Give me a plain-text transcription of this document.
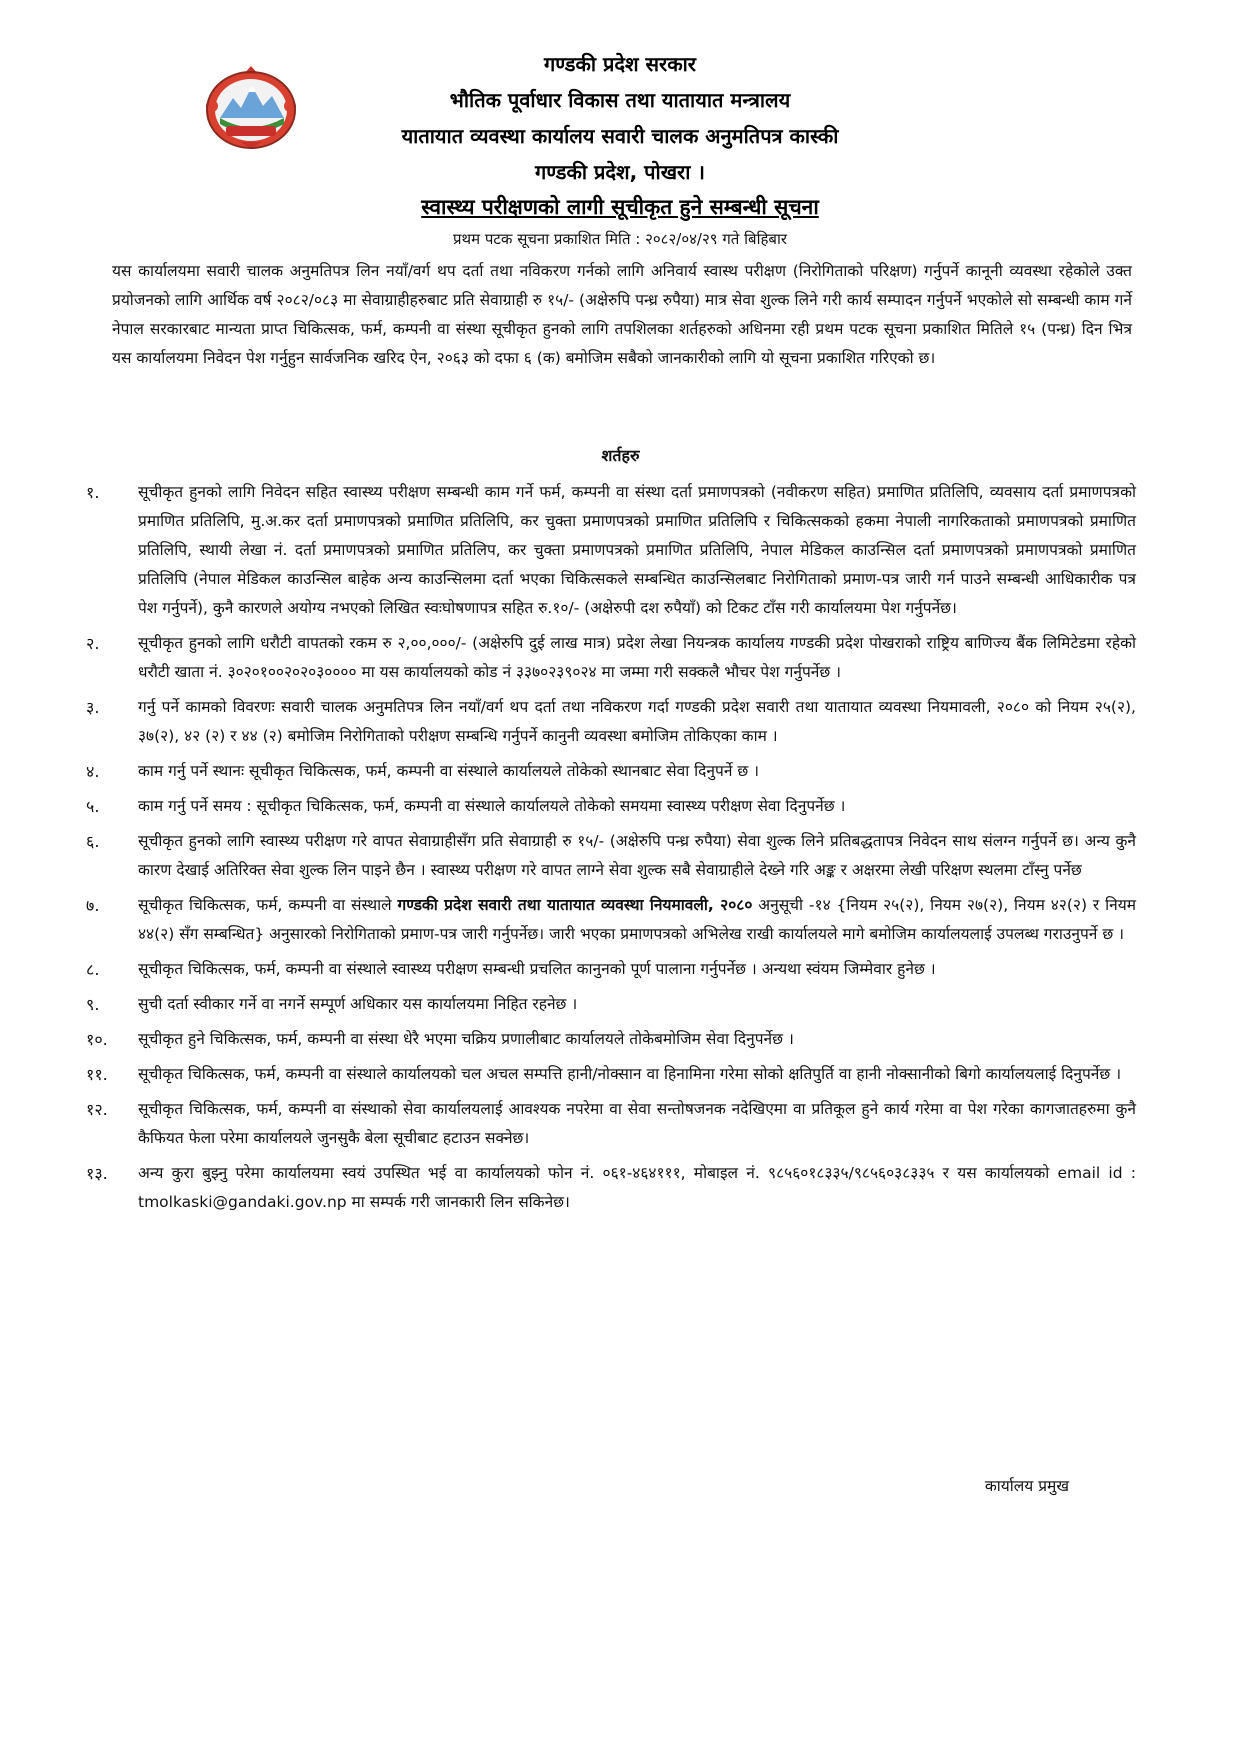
गण्डकी प्रदेश सरकार
भौतिक पूर्वाधार विकास तथा यातायात मन्त्रालय
यातायात व्यवस्था कार्यालय सवारी चालक अनुमतिपत्र कास्की
गण्डकी प्रदेश, पोखरा ।
स्वास्थ्य परीक्षणको लागी सूचीकृत हुने सम्बन्धी सूचना
प्रथम पटक सूचना प्रकाशित मिति : २०८२/०४/२९ गते बिहिबार
यस कार्यालयमा सवारी चालक अनुमतिपत्र लिन नयाँ/वर्ग थप दर्ता तथा नविकरण गर्नको लागि अनिवार्य स्वास्थ परीक्षण (निरोगिताको परिक्षण) गर्नुपर्ने कानूनी व्यवस्था रहेकोले उक्त प्रयोजनको लागि आर्थिक वर्ष २०८२/०८३ मा सेवाग्राहीहरुबाट प्रति सेवाग्राही रु १५/- (अक्षेरुपि पन्ध्र रुपैया) मात्र सेवा शुल्क लिने गरी कार्य सम्पादन गर्नुपर्ने भएकोले सो सम्बन्धी काम गर्ने नेपाल सरकारबाट मान्यता प्राप्त चिकित्सक, फर्म, कम्पनी वा संस्था सूचीकृत हुनको लागि तपशिलका शर्तहरुको अधिनमा रही प्रथम पटक सूचना प्रकाशित मितिले १५ (पन्ध्र) दिन भित्र यस कार्यालयमा निवेदन पेश गर्नुहुन सार्वजनिक खरिद ऐन, २०६३ को दफा ६ (क) बमोजिम सबैको जानकारीको लागि यो सूचना प्रकाशित गरिएको छ।
शर्तहरु
१.	सूचीकृत हुनको लागि निवेदन सहित स्वास्थ्य परीक्षण सम्बन्धी काम गर्ने फर्म, कम्पनी वा संस्था दर्ता प्रमाणपत्रको (नवीकरण सहित) प्रमाणित प्रतिलिपि, व्यवसाय दर्ता प्रमाणपत्रको प्रमाणित प्रतिलिपि, मु.अ.कर दर्ता प्रमाणपत्रको प्रमाणित प्रतिलिपि, कर चुक्ता प्रमाणपत्रको प्रमाणित प्रतिलिपि र चिकित्सकको हकमा नेपाली नागरिकताको प्रमाणपत्रको प्रमाणित प्रतिलिपि, स्थायी लेखा नं. दर्ता प्रमाणपत्रको प्रमाणित प्रतिलिप, कर चुक्ता प्रमाणपत्रको प्रमाणित प्रतिलिपि, नेपाल मेडिकल काउन्सिल दर्ता प्रमाणपत्रको प्रमाणपत्रको प्रमाणित प्रतिलिपि (नेपाल मेडिकल काउन्सिल बाहेक अन्य काउन्सिलमा दर्ता भएका चिकित्सकले सम्बन्धित काउन्सिलबाट निरोगिताको प्रमाण-पत्र जारी गर्न पाउने सम्बन्धी आधिकारीक पत्र पेश गर्नुपर्ने), कुनै कारणले अयोग्य नभएको लिखित स्वःघोषणापत्र सहित रु.१०/- (अक्षेरुपी दश रुपैयाँ) को टिकट टाँस गरी कार्यालयमा पेश गर्नुपर्नेछ।
२.	सूचीकृत हुनको लागि धरौटी वापतको रकम रु २,००,०००/- (अक्षेरुपि दुई लाख मात्र) प्रदेश लेखा नियन्त्रक कार्यालय गण्डकी प्रदेश पोखराको राष्ट्रिय बाणिज्य बैंक लिमिटेडमा रहेको धरौटी खाता नं. ३०२०१००२०२०३०००० मा यस कार्यालयको कोड नं ३३७०२३९०२४ मा जम्मा गरी सक्कलै भौचर पेश गर्नुपर्नेछ ।
३.	गर्नु पर्ने कामको विवरणः सवारी चालक अनुमतिपत्र लिन नयाँ/वर्ग थप दर्ता तथा नविकरण गर्दा गण्डकी प्रदेश सवारी तथा यातायात व्यवस्था नियमावली, २०८० को नियम २५(२), ३७(२), ४२ (२) र ४४ (२) बमोजिम निरोगिताको परीक्षण सम्बन्धि गर्नुपर्ने कानुनी व्यवस्था बमोजिम तोकिएका काम ।
४.	काम गर्नु पर्ने स्थानः सूचीकृत चिकित्सक, फर्म, कम्पनी वा संस्थाले कार्यालयले तोकेको स्थानबाट सेवा दिनुपर्ने छ ।
५.	काम गर्नु पर्ने समय : सूचीकृत चिकित्सक, फर्म, कम्पनी वा संस्थाले कार्यालयले तोकेको समयमा स्वास्थ्य परीक्षण सेवा दिनुपर्नेछ ।
६.	सूचीकृत हुनको लागि स्वास्थ्य परीक्षण गरे वापत सेवाग्राहीसँग प्रति सेवाग्राही रु १५/- (अक्षेरुपि पन्ध्र रुपैया) सेवा शुल्क लिने प्रतिबद्धतापत्र निवेदन साथ संलग्न गर्नुपर्ने छ। अन्य कुनै कारण देखाई अतिरिक्त सेवा शुल्क लिन पाइने छैन । स्वास्थ्य परीक्षण गरे वापत लाग्ने सेवा शुल्क सबै सेवाग्राहीले देख्ने गरि अङ्क र अक्षरमा लेखी परिक्षण स्थलमा टाँस्नु पर्नेछ
७.	सूचीकृत चिकित्सक, फर्म, कम्पनी वा संस्थाले गण्डकी प्रदेश सवारी तथा यातायात व्यवस्था नियमावली, २०८० अनुसूची -१४ {नियम २५(२), नियम २७(२), नियम ४२(२) र नियम ४४(२) सँग सम्बन्धित} अनुसारको निरोगिताको प्रमाण-पत्र जारी गर्नुपर्नेछ। जारी भएका प्रमाणपत्रको अभिलेख राखी कार्यालयले मागे बमोजिम कार्यालयलाई उपलब्ध गराउनुपर्ने छ ।
८.	सूचीकृत चिकित्सक, फर्म, कम्पनी वा संस्थाले स्वास्थ्य परीक्षण सम्बन्धी प्रचलित कानुनको पूर्ण पालाना गर्नुपर्नेछ । अन्यथा स्वंयम जिम्मेवार हुनेछ ।
९.	सुची दर्ता स्वीकार गर्ने वा नगर्ने सम्पूर्ण अधिकार यस कार्यालयमा निहित रहनेछ ।
१०.	सूचीकृत हुने चिकित्सक, फर्म, कम्पनी वा संस्था धेरै भएमा चक्रिय प्रणालीबाट कार्यालयले तोकेबमोजिम सेवा दिनुपर्नेछ ।
११.	सूचीकृत चिकित्सक, फर्म, कम्पनी वा संस्थाले कार्यालयको चल अचल सम्पत्ति हानी/नोक्सान वा हिनामिना गरेमा सोको क्षतिपुर्ति वा हानी नोक्सानीको बिगो कार्यालयलाई दिनुपर्नेछ ।
१२.	सूचीकृत चिकित्सक, फर्म, कम्पनी वा संस्थाको सेवा कार्यालयलाई आवश्यक नपरेमा वा सेवा सन्तोषजनक नदेखिएमा वा प्रतिकूल हुने कार्य गरेमा वा पेश गरेका कागजातहरुमा कुनै कैफियत फेला परेमा कार्यालयले जुनसुकै बेला सूचीबाट हटाउन सक्नेछ।
१३.	अन्य कुरा बुझ्नु परेमा कार्यालयमा स्वयं उपस्थित भई वा कार्यालयको फोन नं. ०६१-४६४१११, मोबाइल नं. ९८५६०१८३३५/९८५६०३८३३५ र यस कार्यालयको email id : tmolkaski@gandaki.gov.np मा सम्पर्क गरी जानकारी लिन सकिनेछ।
कार्यालय प्रमुख
